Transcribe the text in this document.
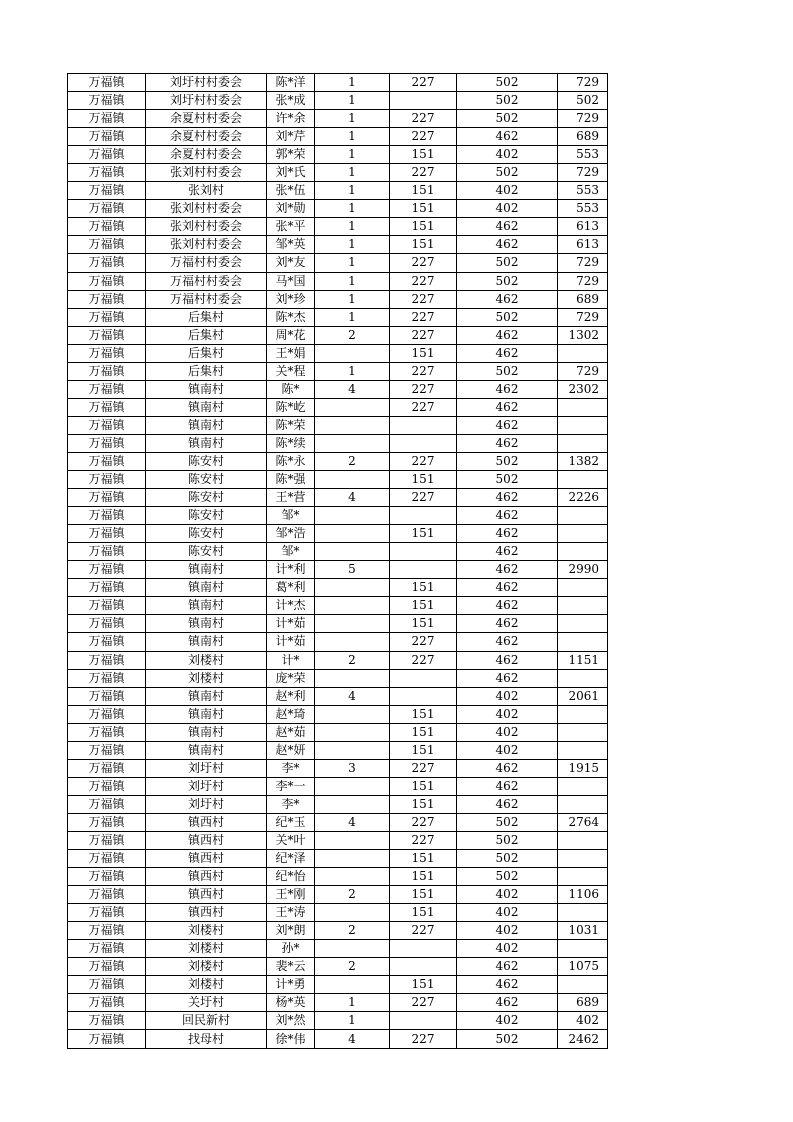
万福镇	刘圩村村委会	陈*洋	1	227	502	729
万福镇	刘圩村村委会	张*成	1		502	502
万福镇	余夏村村委会	许*余	1	227	502	729
万福镇	余夏村村委会	刘*芹	1	227	462	689
万福镇	余夏村村委会	郭*荣	1	151	402	553
万福镇	张刘村村委会	刘*氏	1	227	502	729
万福镇	张刘村	张*伍	1	151	402	553
万福镇	张刘村村委会	刘*勋	1	151	402	553
万福镇	张刘村村委会	张*平	1	151	462	613
万福镇	张刘村村委会	邹*英	1	151	462	613
万福镇	万福村村委会	刘*友	1	227	502	729
万福镇	万福村村委会	马*国	1	227	502	729
万福镇	万福村村委会	刘*珍	1	227	462	689
万福镇	后集村	陈*杰	1	227	502	729
万福镇	后集村	周*花	2	227	462	1302
万福镇	后集村	王*娟		151	462	
万福镇	后集村	关*程	1	227	502	729
万福镇	镇南村	陈*	4	227	462	2302
万福镇	镇南村	陈*屹		227	462	
万福镇	镇南村	陈*荣			462	
万福镇	镇南村	陈*续			462	
万福镇	陈安村	陈*永	2	227	502	1382
万福镇	陈安村	陈*强		151	502	
万福镇	陈安村	王*营	4	227	462	2226
万福镇	陈安村	邹*			462	
万福镇	陈安村	邹*浩		151	462	
万福镇	陈安村	邹*			462	
万福镇	镇南村	计*利	5		462	2990
万福镇	镇南村	葛*利		151	462	
万福镇	镇南村	计*杰		151	462	
万福镇	镇南村	计*茹		151	462	
万福镇	镇南村	计*茹		227	462	
万福镇	刘楼村	计*	2	227	462	1151
万福镇	刘楼村	庞*荣			462	
万福镇	镇南村	赵*利	4		402	2061
万福镇	镇南村	赵*琦		151	402	
万福镇	镇南村	赵*茹		151	402	
万福镇	镇南村	赵*妍		151	402	
万福镇	刘圩村	李*	3	227	462	1915
万福镇	刘圩村	李*一		151	462	
万福镇	刘圩村	李*		151	462	
万福镇	镇西村	纪*玉	4	227	502	2764
万福镇	镇西村	关*叶		227	502	
万福镇	镇西村	纪*泽		151	502	
万福镇	镇西村	纪*怡		151	502	
万福镇	镇西村	王*刚	2	151	402	1106
万福镇	镇西村	王*涛		151	402	
万福镇	刘楼村	刘*朗	2	227	402	1031
万福镇	刘楼村	孙*			402	
万福镇	刘楼村	裴*云	2		462	1075
万福镇	刘楼村	计*勇		151	462	
万福镇	关圩村	杨*英	1	227	462	689
万福镇	回民新村	刘*然	1		402	402
万福镇	找母村	徐*伟	4	227	502	2462
